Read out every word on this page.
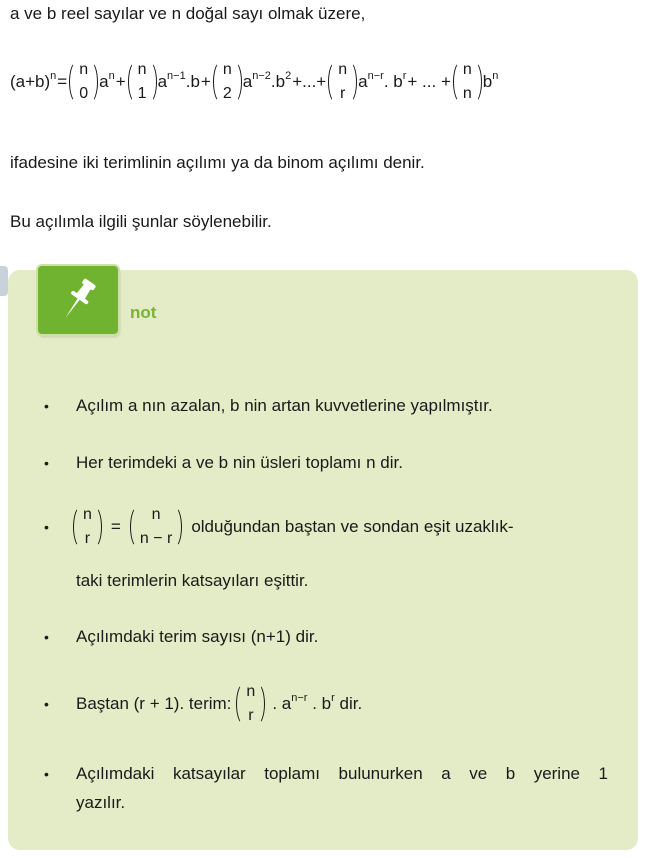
a ve b reel sayılar ve n doğal sayı olmak üzere,
$(a+b)^n$ =
n
0
$a^n$ +
n
1
$a^{n-1}.b$ +
n
2
$a^{n-2}.b^2$ +...+
n
r
$a^{n-r}$. $b^r$ + ... +
n
n
$b^n$
ifadesine iki terimlinin açılımı ya da binom açılımı denir.
Bu açılımla ilgili şunlar söylenebilir.
not
• Açılım a nın azalan, b nin artan kuvvetlerine yapılmıştır.
• Her terimdeki a ve b nin üsleri toplamı n dir.
•
n
r
=
n
n − r
olduğundan baştan ve sondan eşit uzaklık-
taki terimlerin katsayıları eşittir.
• Açılımdaki terim sayısı (n+1) dir.
• Baştan (r + 1). terim:
n
r
. $a^{n-r}$ . $b^r$ dir.
• Açılımdaki katsayılar toplamı bulunurken a ve b yerine 1
yazılır.
